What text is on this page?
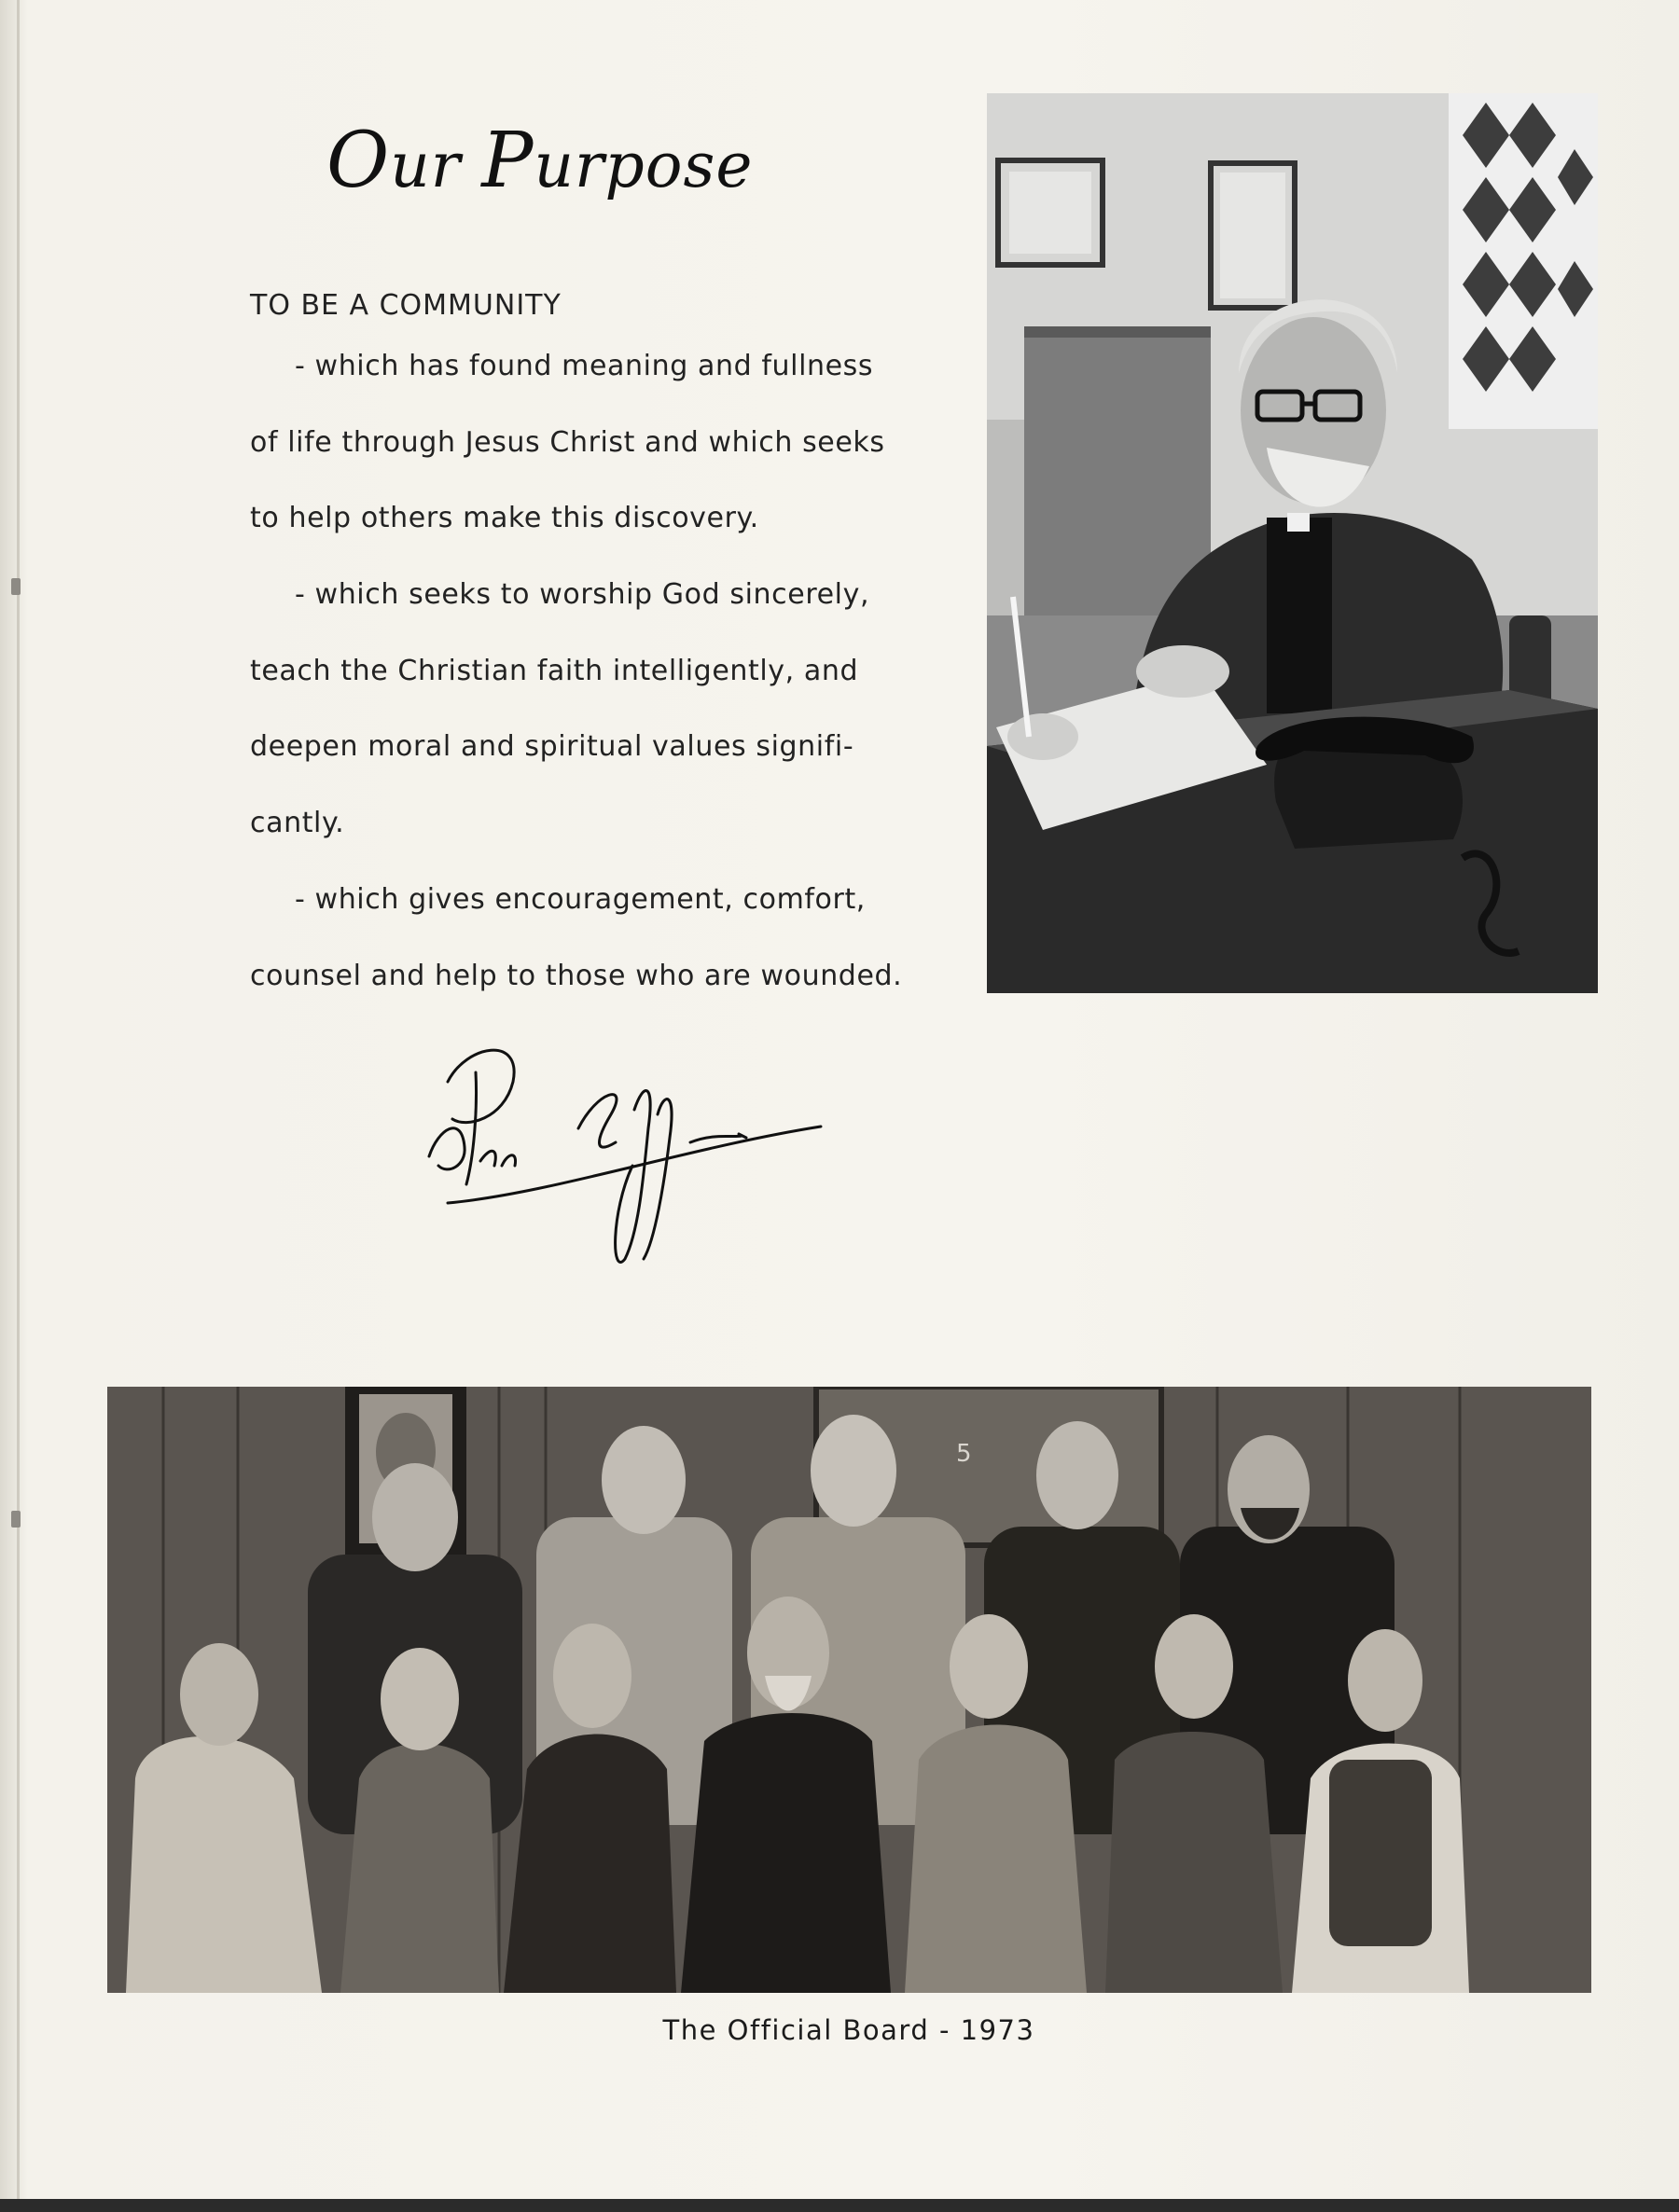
Our Purpose

TO BE A COMMUNITY

- which has found meaning and fullness

of life through Jesus Christ and which seeks

to help others make this discovery.

- which seeks to worship God sincerely,

teach the Christian faith intelligently, and

deepen moral and spiritual values signifi-

cantly.

- which gives encouragement, comfort,

counsel and help to those who are wounded.

5
The Official Board - 1973
